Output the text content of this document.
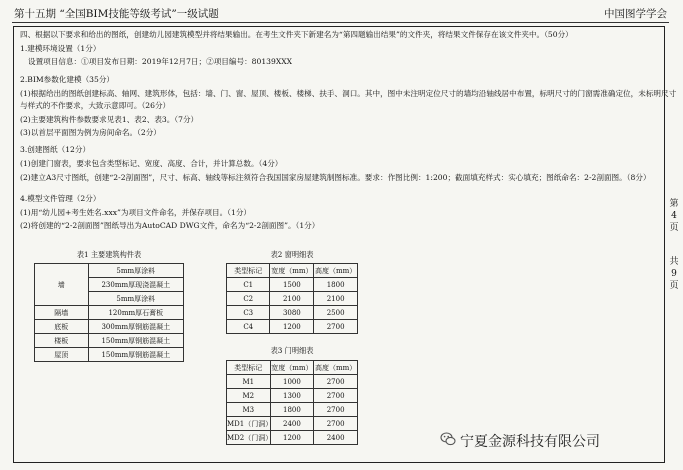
第十五期 “全国BIM技能等级考试”一级试题	中国图学学会
第
4
页
共
9
页
四、根据以下要求和给出的图纸，创建幼儿园建筑模型并将结果输出。在考生文件夹下新建名为“第四题输出结果”的文件夹，将结果文件保存在该文件夹中。（50分）
1.建模环境设置（1分）
设置项目信息：①项目发布日期：2019年12月7日；②项目编号：80139XXX
2.BIM参数化建模（35分）
(1)根据给出的图纸创建标高、轴网、建筑形体，包括：墙、门、窗、屋顶、楼板、楼梯、扶手、洞口。其中，图中未注明定位尺寸的墙均沿轴线居中布置，标明尺寸的门窗需准确定位，未标明尺寸
与样式的不作要求，大致示意即可。（26分）
(2)主要建筑构件参数要求见表1、表2、表3。（7分）
(3)以首层平面图为例为房间命名。（2分）
3.创建图纸（12分）
(1)创建门窗表，要求包含类型标记、宽度、高度、合计，并计算总数。（4分）
(2)建立A3尺寸图纸，创建“2-2剖面图”，尺寸、标高、轴线等标注须符合我国国家房屋建筑制图标准。要求：作图比例：1:200；截面填充样式：实心填充；图纸命名：2-2剖面图。（8分）
4.模型文件管理（2分）
(1)用“幼儿园+考生姓名.xxx”为项目文件命名，并保存项目。（1分）
(2)将创建的“2-2剖面图”图纸导出为AutoCAD DWG文件，命名为“2-2剖面图”。（1分）
表1 主要建筑构件表
墙	5mm厚涂料
	230mm厚现浇混凝土
	5mm厚涂料
隔墙	120mm厚石膏板
底板	300mm厚钢筋混凝土
楼板	150mm厚钢筋混凝土
屋顶	150mm厚钢筋混凝土
表2 窗明细表
类型标记	宽度（mm）	高度（mm）
C1	1500	1800
C2	2100	2100
C3	3080	2500
C4	1200	2700
表3 门明细表
类型标记	宽度（mm）	高度（mm）
M1	1000	2700
M2	1300	2700
M3	1800	2700
MD1（门洞）	2400	2700
MD2（门洞）	1200	2400	宁夏金源科技有限公司
